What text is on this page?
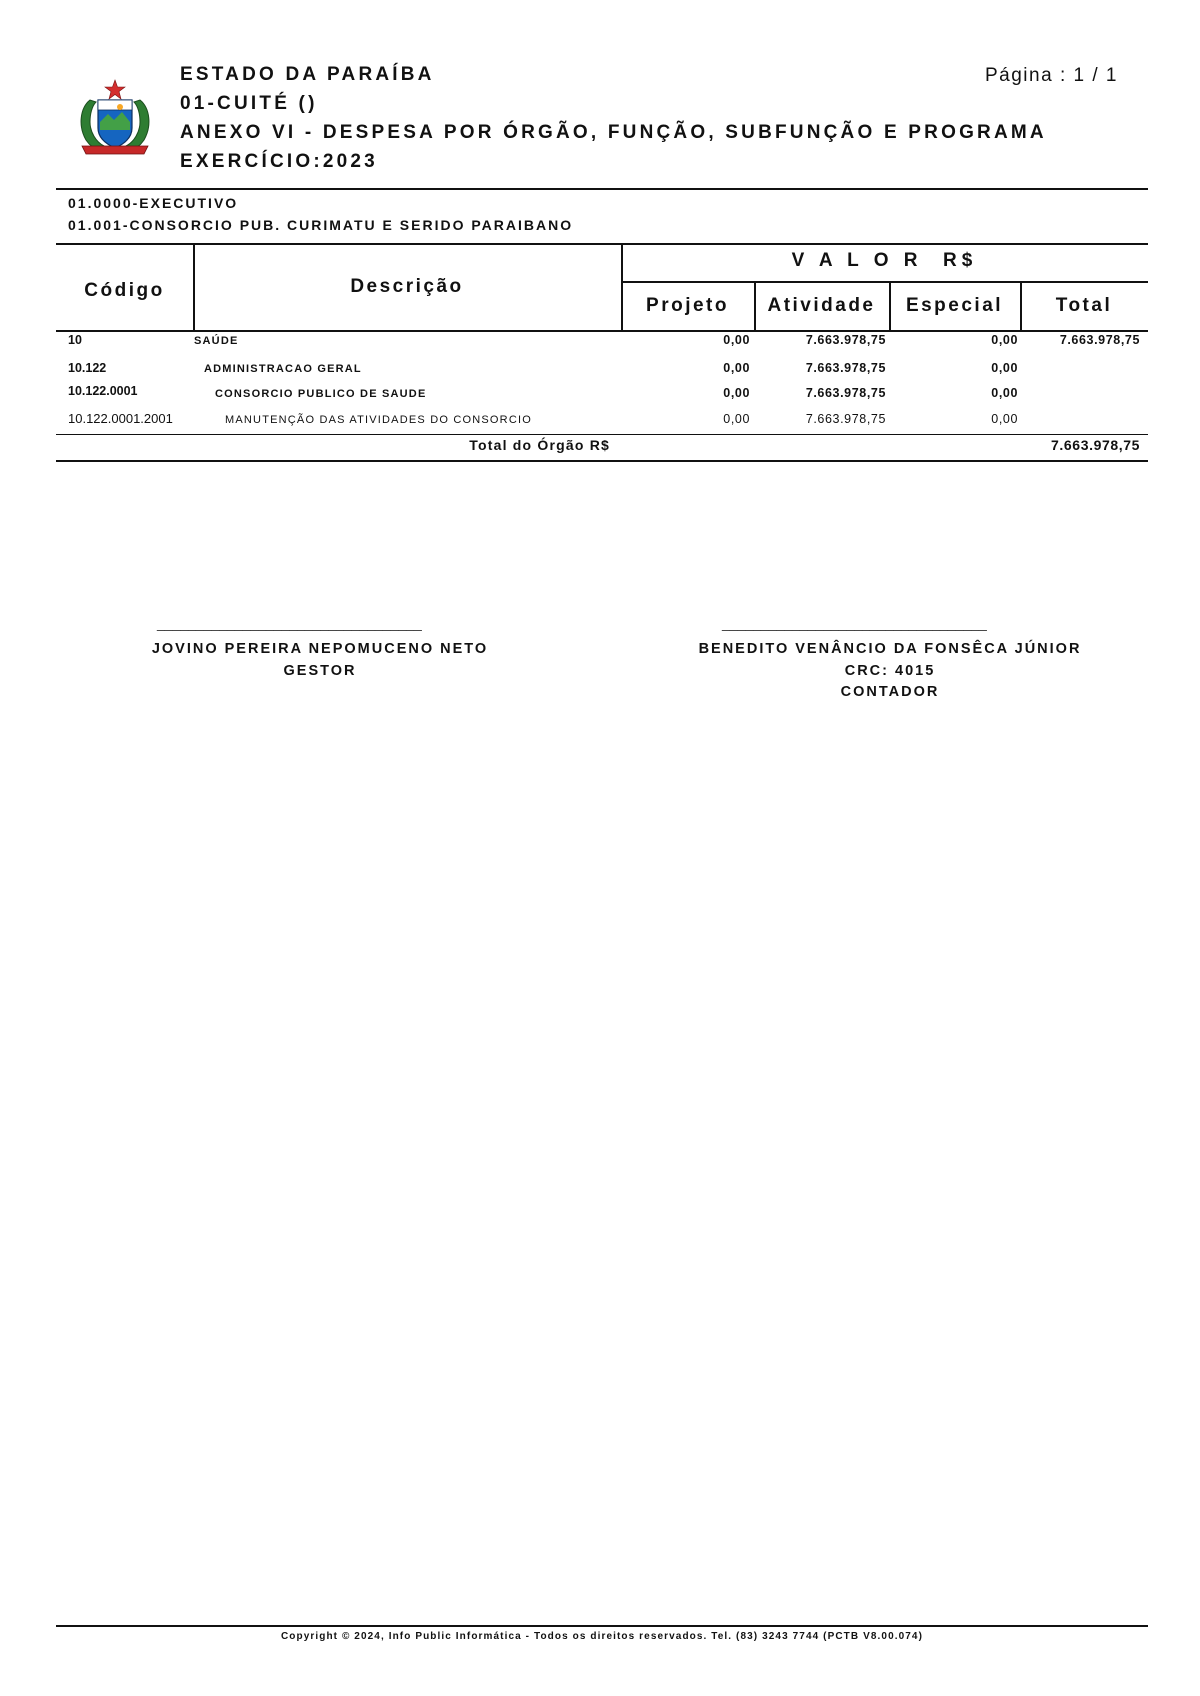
ESTADO DA PARAÍBA
01-CUITÉ ()
ANEXO VI - DESPESA POR ÓRGÃO, FUNÇÃO, SUBFUNÇÃO E PROGRAMA
EXERCÍCIO:2023
Página : 1 / 1
01.0000-EXECUTIVO
01.001-CONSORCIO PUB. CURIMATU E SERIDO PARAIBANO
Código	Descrição
V A L O R  R$
Projeto	Atividade	Especial	Total
10	SAÚDE	0,00	7.663.978,75	0,00	7.663.978,75
10.122	ADMINISTRACAO GERAL	0,00	7.663.978,75	0,00
10.122.0001	CONSORCIO PUBLICO DE SAUDE	0,00	7.663.978,75	0,00
10.122.0001.2001	MANUTENÇÃO DAS ATIVIDADES DO CONSORCIO	0,00	7.663.978,75	0,00
Total do Órgão R$	7.663.978,75
__________________________________	__________________________________
JOVINO PEREIRA NEPOMUCENO NETO
GESTOR
BENEDITO VENÂNCIO DA FONSÊCA JÚNIOR
CRC: 4015
CONTADOR
Copyright © 2024, Info Public Informática - Todos os direitos reservados. Tel. (83) 3243 7744 (PCTB V8.00.074)
